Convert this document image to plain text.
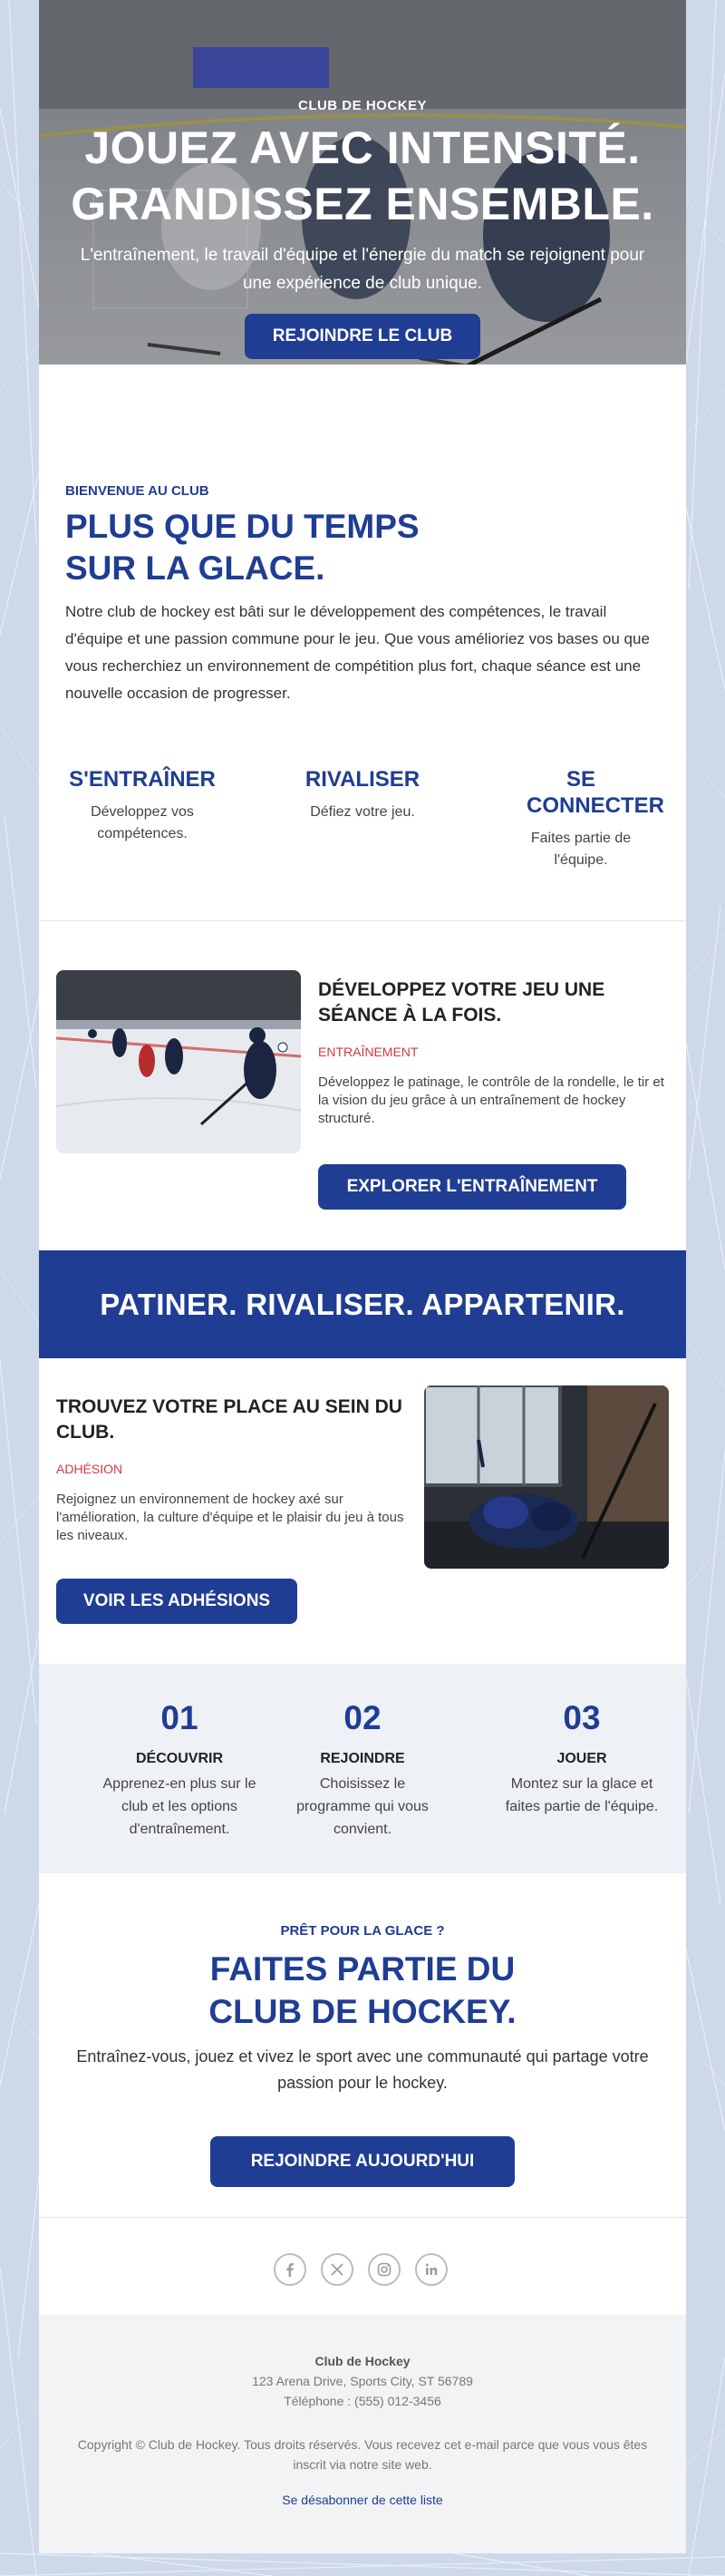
CLUB DE HOCKEY
JOUEZ AVEC INTENSITÉ.
GRANDISSEZ ENSEMBLE.
L'entraînement, le travail d'équipe et l'énergie du match se rejoignent pour une expérience de club unique.
REJOINDRE LE CLUB
BIENVENUE AU CLUB
PLUS QUE DU TEMPS
SUR LA GLACE.

Notre club de hockey est bâti sur le développement des compétences, le travail d'équipe et une passion commune pour le jeu. Que vous amélioriez vos bases ou que vous recherchiez un environnement de compétition plus fort, chaque séance est une nouvelle occasion de progresser.

S'ENTRAÎNER

Développez vos compétences.

RIVALISER

Défiez votre jeu.

SE CONNECTER

Faites partie de l'équipe.

DÉVELOPPEZ VOTRE JEU UNE SÉANCE À LA FOIS.
ENTRAÎNEMENT
Développez le patinage, le contrôle de la rondelle, le tir et la vision du jeu grâce à un entraînement de hockey structuré.
EXPLORER L'ENTRAÎNEMENT
PATINER. RIVALISER. APPARTENIR.
TROUVEZ VOTRE PLACE AU SEIN DU CLUB.
ADHÉSION
Rejoignez un environnement de hockey axé sur l'amélioration, la culture d'équipe et le plaisir du jeu à tous les niveaux.
VOIR LES ADHÉSIONS
01
DÉCOUVRIR
Apprenez-en plus sur le club et les options d'entraînement.
02
REJOINDRE
Choisissez le programme qui vous convient.
03
JOUER
Montez sur la glace et faites partie de l'équipe.
PRÊT POUR LA GLACE ?
FAITES PARTIE DU
CLUB DE HOCKEY.

Entraînez-vous, jouez et vivez le sport avec une communauté qui partage votre passion pour le hockey.

REJOINDRE AUJOURD'HUI
Club de Hockey
123 Arena Drive, Sports City, ST 56789
Téléphone : (555) 012-3456
Copyright © Club de Hockey. Tous droits réservés. Vous recevez cet e-mail parce que vous vous êtes inscrit via notre site web.
Se désabonner de cette liste
